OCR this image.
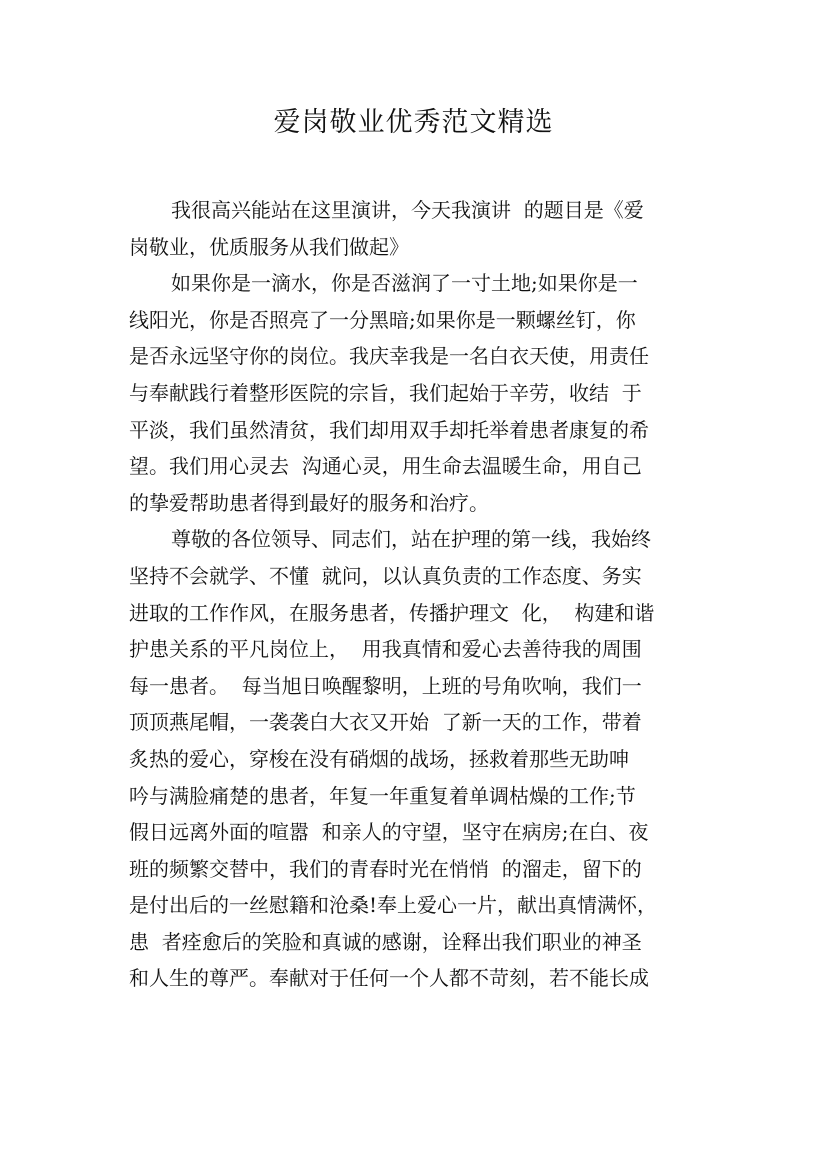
爱岗敬业优秀范文精选
我很高兴能站在这里演讲，今天我演讲  的题目是《爱
岗敬业，优质服务从我们做起》
如果你是一滴水，你是否滋润了一寸土地;如果你是一
线阳光，你是否照亮了一分黑暗;如果你是一颗螺丝钉，你
是否永远坚守你的岗位。我庆幸我是一名白衣天使，用责任
与奉献践行着整形医院的宗旨，我们起始于辛劳，收结  于
平淡，我们虽然清贫，我们却用双手却托举着患者康复的希
望。我们用心灵去  沟通心灵，用生命去温暖生命，用自己
的挚爱帮助患者得到最好的服务和治疗。
尊敬的各位领导、同志们，站在护理的第一线，我始终
坚持不会就学、不懂  就问，以认真负责的工作态度、务实
进取的工作作风，在服务患者，传播护理文  化，  构建和谐
护患关系的平凡岗位上，  用我真情和爱心去善待我的周围
每一患者。  每当旭日唤醒黎明，上班的号角吹响，我们一
顶顶燕尾帽，一袭袭白大衣又开始  了新一天的工作，带着
炙热的爱心，穿梭在没有硝烟的战场，拯救着那些无助呻
吟与满脸痛楚的患者，年复一年重复着单调枯燥的工作;节
假日远离外面的喧嚣  和亲人的守望，坚守在病房;在白、夜
班的频繁交替中，我们的青春时光在悄悄  的溜走，留下的
是付出后的一丝慰籍和沧桑!奉上爱心一片，献出真情满怀，
患  者痊愈后的笑脸和真诚的感谢，诠释出我们职业的神圣
和人生的尊严。奉献对于任何一个人都不苛刻，若不能长成
